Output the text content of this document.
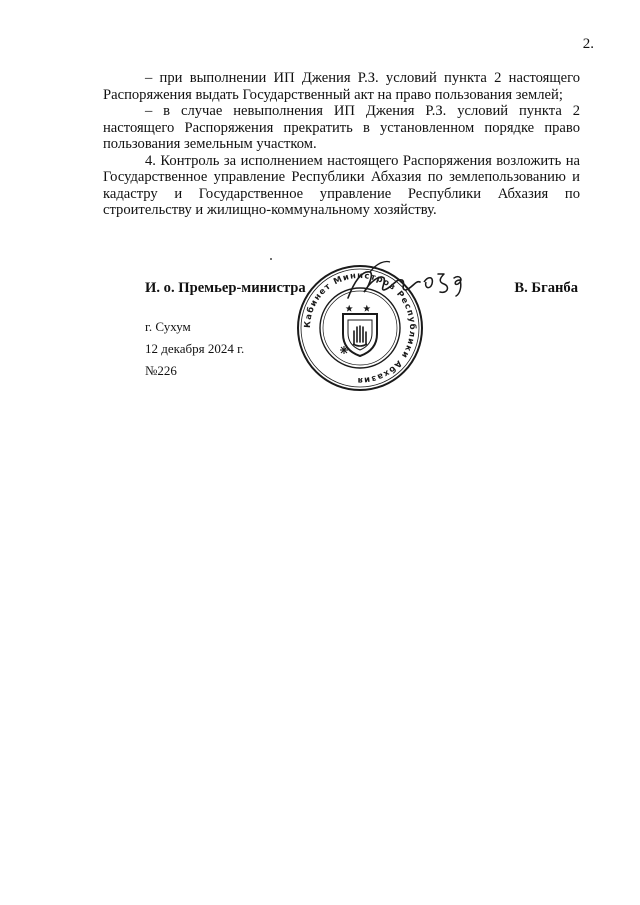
2.

– при выполнении ИП Джения Р.З. условий пункта 2 настоящего Распоряжения выдать Государственный акт на право пользования землей;

– в случае невыполнения ИП Джения Р.З. условий пункта 2 настоящего Распоряжения прекратить в установленном порядке право пользования земельным участком.

4. Контроль за исполнением настоящего Распоряжения возложить на Государственное управление Республики Абхазия по землепользованию и кадастру и Государственное управление Республики Абхазия по строительству и жилищно-коммунальному хозяйству.

И. о. Премьер-министра	В. Бганба
Кабинет Министров Республики Абхазия
г. Сухум
12 декабря 2024 г.
№226
